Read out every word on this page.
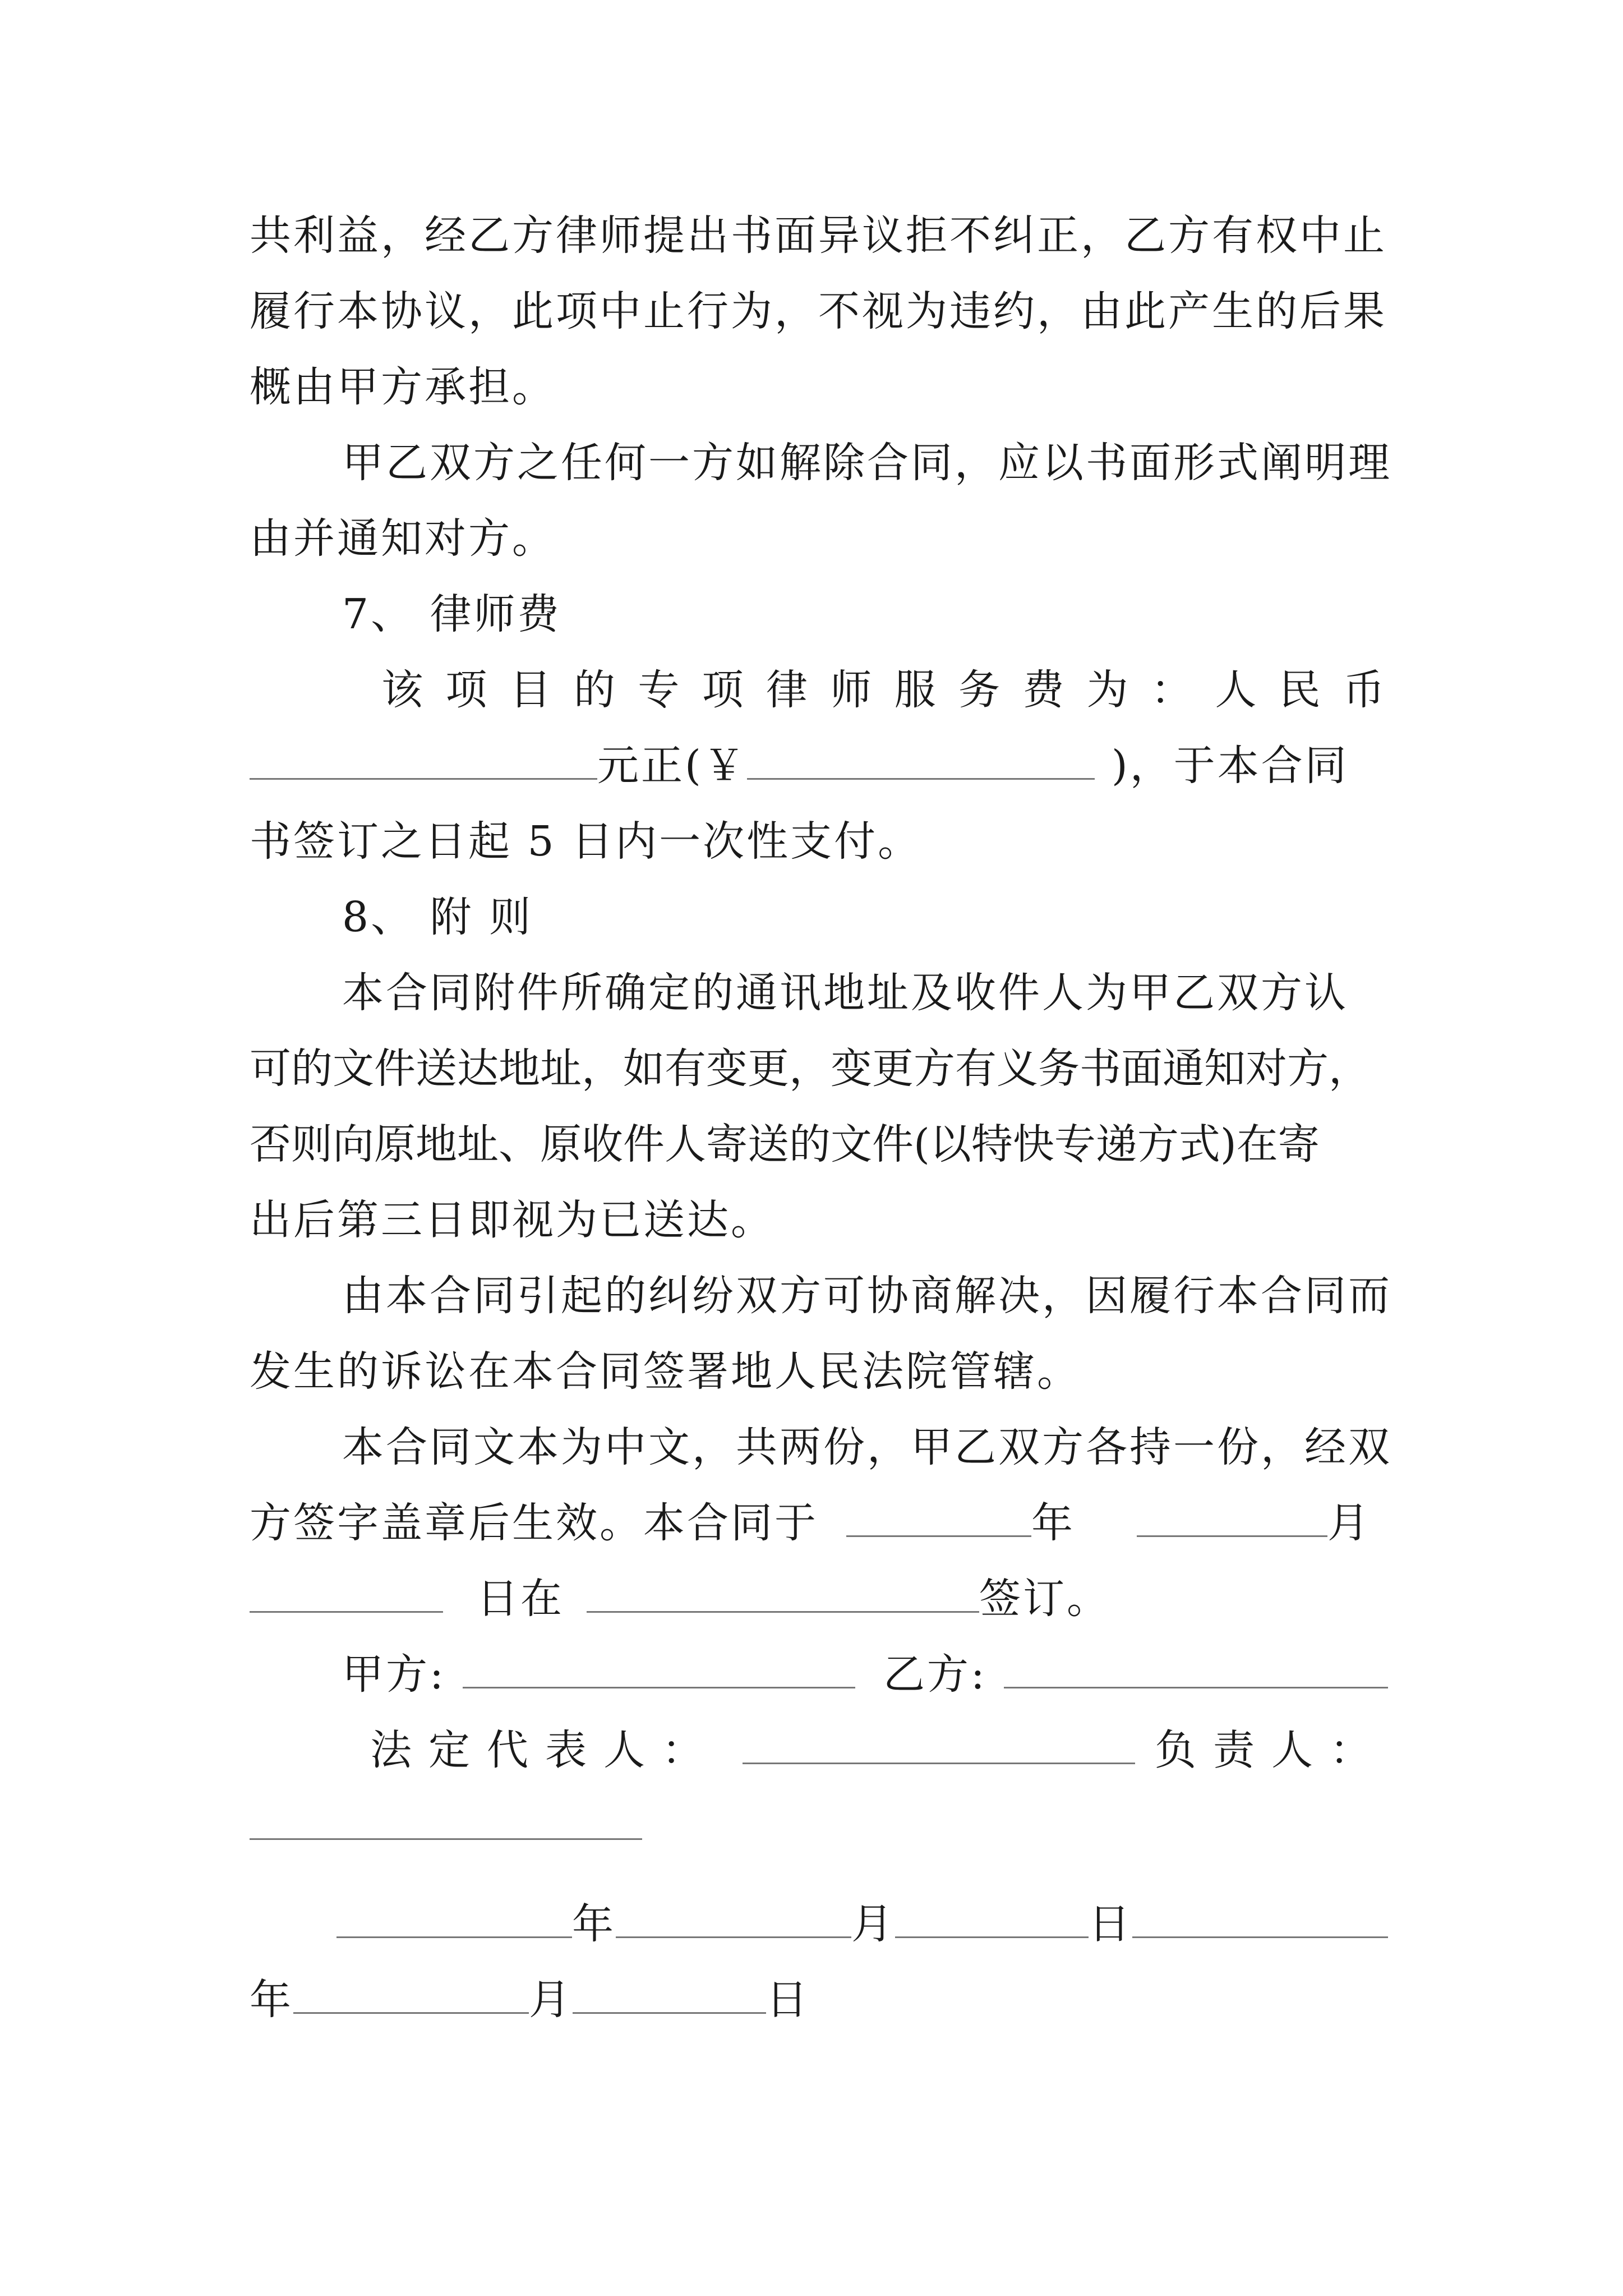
共利益，经乙方律师提出书面异议拒不纠正，乙方有权中止
履行本协议，此项中止行为，不视为违约，由此产生的后果
概由甲方承担。
甲乙双方之任何一方如解除合同，应以书面形式阐明理
由并通知对方。
7、 律师费
该项目的专项律师服务费为：人民币
元正(￥	)，于本合同
书签订之日起 5 日内一次性支付。
8、 附 则
本合同附件所确定的通讯地址及收件人为甲乙双方认
可的文件送达地址，如有变更，变更方有义务书面通知对方，
否则向原地址、原收件人寄送的文件(以特快专递方式)在寄
出后第三日即视为已送达。
由本合同引起的纠纷双方可协商解决，因履行本合同而
发生的诉讼在本合同签署地人民法院管辖。
本合同文本为中文，共两份，甲乙双方各持一份，经双
方签字盖章后生效。本合同于	年	月
日在	签订。
甲方:	乙方:
法定代表人：	负责人：
年	月	日
年	月	日
